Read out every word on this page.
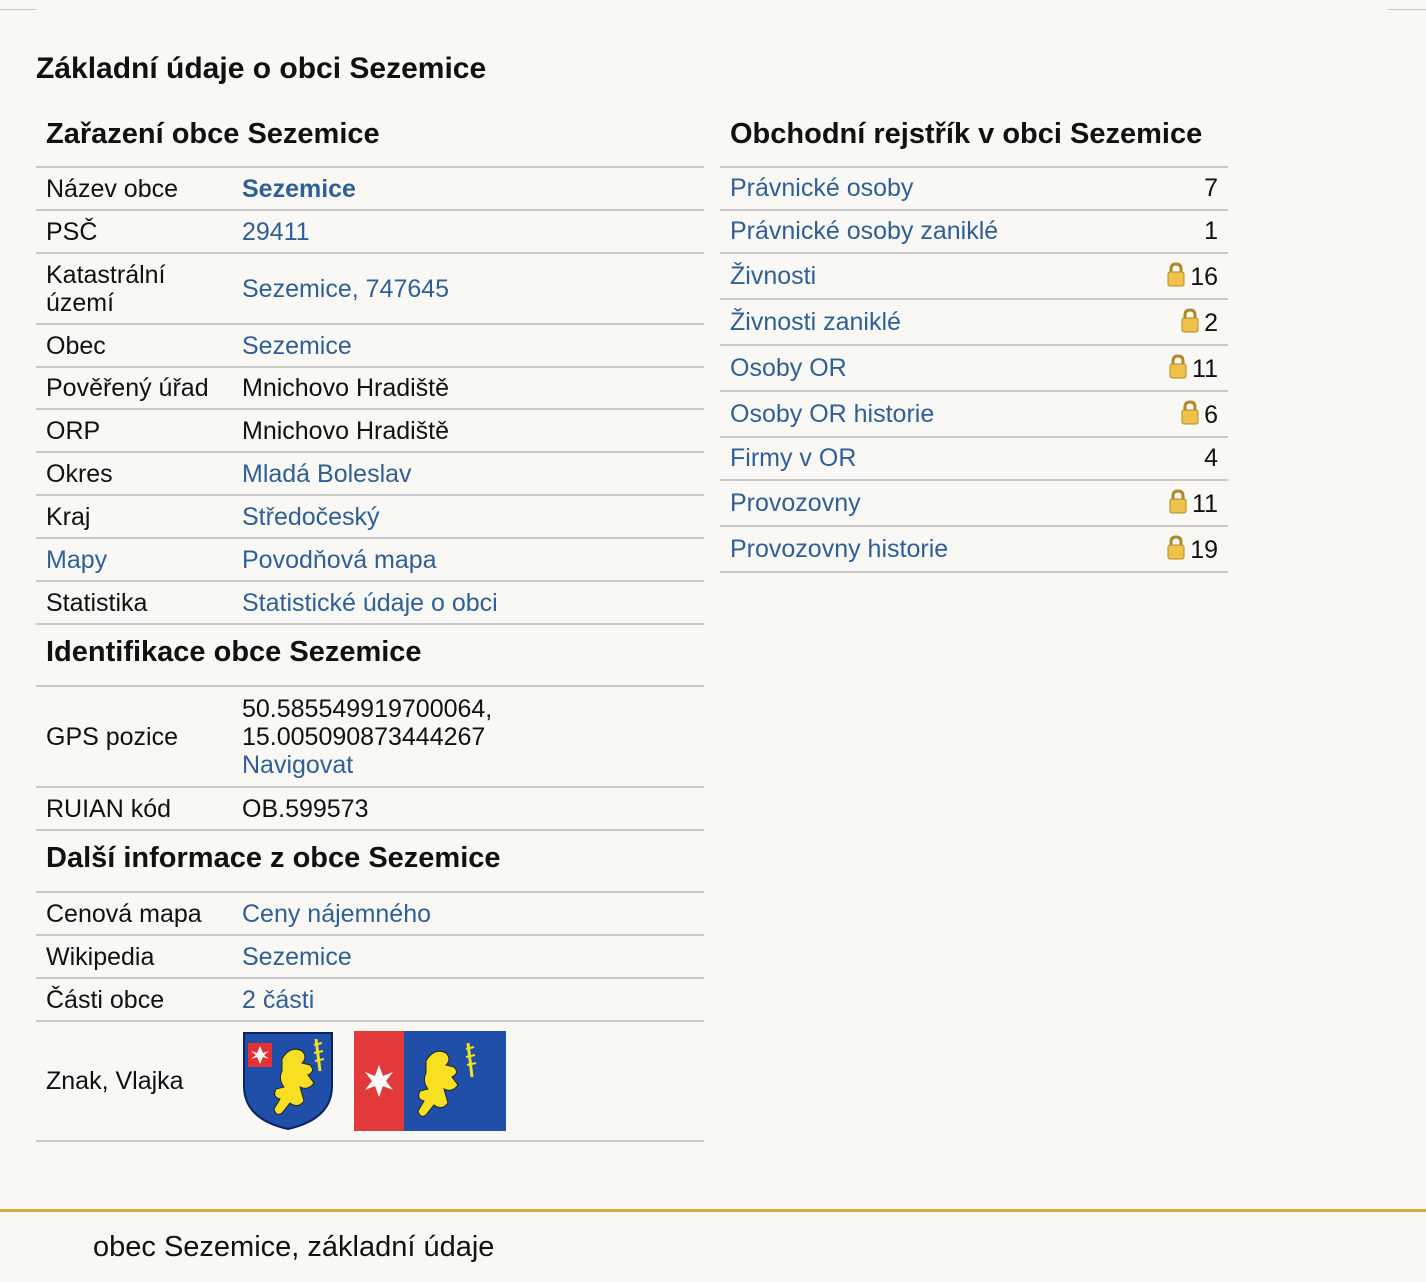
Základní údaje o obci Sezemice
Zařazení obce Sezemice
Název obce	Sezemice
PSČ	29411
Katastrální území	Sezemice, 747645
Obec	Sezemice
Pověřený úřad	Mnichovo Hradiště
ORP	Mnichovo Hradiště
Okres	Mladá Boleslav
Kraj	Středočeský
Mapy	Povodňová mapa
Statistika	Statistické údaje o obci
Identifikace obce Sezemice
GPS pozice	50.585549919700064,
15.005090873444267
Navigovat
RUIAN kód	OB.599573
Další informace z obce Sezemice
Cenová mapa	Ceny nájemného
Wikipedia	Sezemice
Části obce	2 části
Znak, Vlajka	
Obchodní rejstřík v obci Sezemice
Právnické osoby	7
Právnické osoby zaniklé	1
Živnosti	16
Živnosti zaniklé	2
Osoby OR	11
Osoby OR historie	6
Firmy v OR	4
Provozovny	11
Provozovny historie	19
obec Sezemice, základní údaje
